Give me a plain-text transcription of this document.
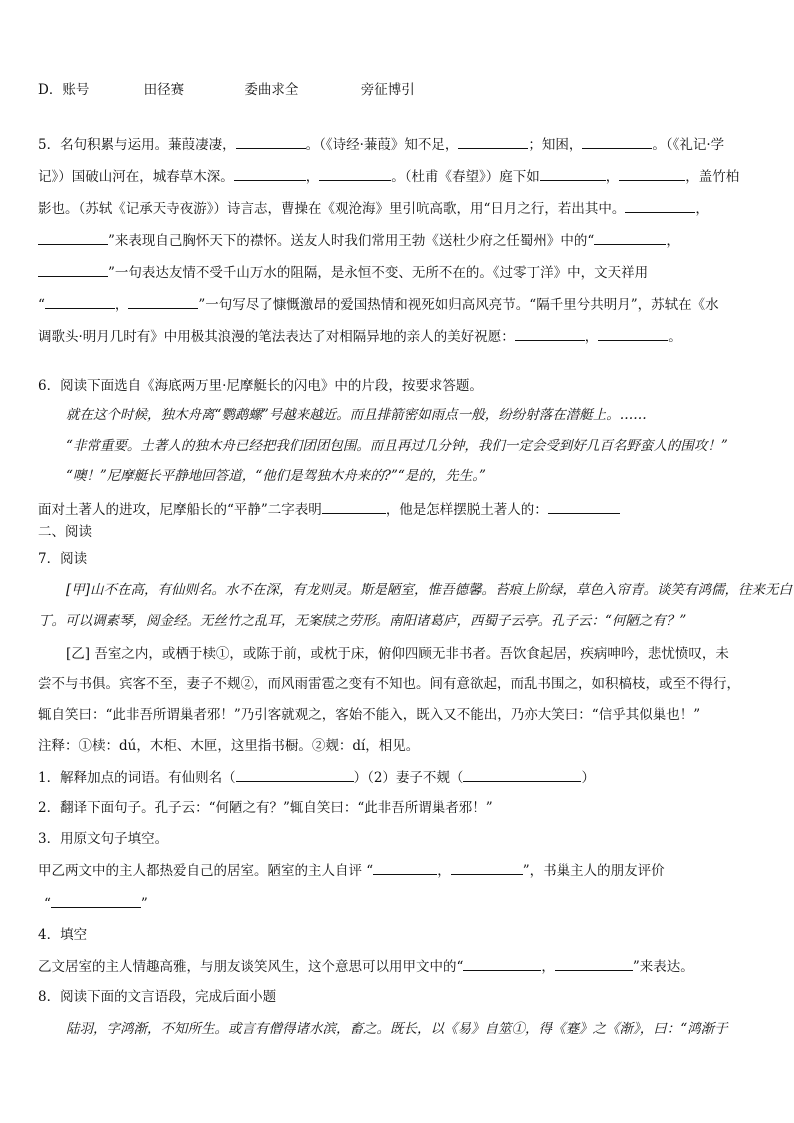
D．账号	田径赛	委曲求全	旁征博引
5．名句积累与运用。蒹葭凄凄，	。（《诗经·蒹葭》知不足，	；知困，	。（《礼记·学
记》）国破山河在，城春草木深。	，	。（杜甫《春望》）庭下如	，	，盖竹柏
影也。（苏轼《记承天寺夜游》）诗言志，曹操在《观沧海》里引吭高歌，用“日月之行，若出其中。	，
”来表现自己胸怀天下的襟怀。送友人时我们常用王勃《送杜少府之任蜀州》中的“	，
”一句表达友情不受千山万水的阻隔，是永恒不变、无所不在的。《过零丁洋》中，文天祥用
“	，	”一句写尽了慷慨激昂的爱国热情和视死如归高风亮节。“隔千里兮共明月”，苏轼在《水
调歌头·明月几时有》中用极其浪漫的笔法表达了对相隔异地的亲人的美好祝愿：	，	。
6．阅读下面选自《海底两万里·尼摩艇长的闪电》中的片段，按要求答题。
就在这个时候，独木舟离“鹦鹉螺”号越来越近。而且排箭密如雨点一般，纷纷射落在潜艇上。……
“非常重要。土著人的独木舟已经把我们团团包围。而且再过几分钟，我们一定会受到好几百名野蛮人的围攻！”
“噢！”尼摩艇长平静地回答道，“他们是驾独木舟来的?”“是的，先生。”
面对土著人的进攻，尼摩船长的“平静”二字表明	，他是怎样摆脱土著人的：
二、阅读
7．阅读
[甲]山不在高，有仙则名。水不在深，有龙则灵。斯是陋室，惟吾德馨。苔痕上阶绿，草色入帘青。谈笑有鸿儒，往来无白
丁。可以调素琴，阅金经。无丝竹之乱耳，无案牍之劳形。南阳诸葛庐，西蜀子云亭。孔子云：“何陋之有？”
[乙] 吾室之内，或栖于椟①，或陈于前，或枕于床，俯仰四顾无非书者。吾饮食起居，疾病呻吟，悲忧愤叹，未
尝不与书俱。宾客不至，妻子不觌②，而风雨雷雹之变有不知也。间有意欲起，而乱书围之，如积槁枝，或至不得行，
辄自笑曰：“此非吾所谓巢者邪！”乃引客就观之，客始不能入，既入又不能出，乃亦大笑曰：“信乎其似巢也！”
注释：①椟：dú，木柜、木匣，这里指书橱。②觌：dí，相见。
1．解释加点的词语。有仙则名（	）（2）妻子不觌（	）
2．翻译下面句子。孔子云：“何陋之有？”辄自笑曰：“此非吾所谓巢者邪！”
3．用原文句子填空。
甲乙两文中的主人都热爱自己的居室。陋室的主人自评 “	，	”，书巢主人的朋友评价
“	”
4．填空
乙文居室的主人情趣高雅，与朋友谈笑风生，这个意思可以用甲文中的“	，	”来表达。
8．阅读下面的文言语段，完成后面小题
陆羽，字鸿渐，不知所生。或言有僧得诸水滨，畜之。既长，以《易》自筮①，得《蹇》之《渐》，曰：“鸿渐于
